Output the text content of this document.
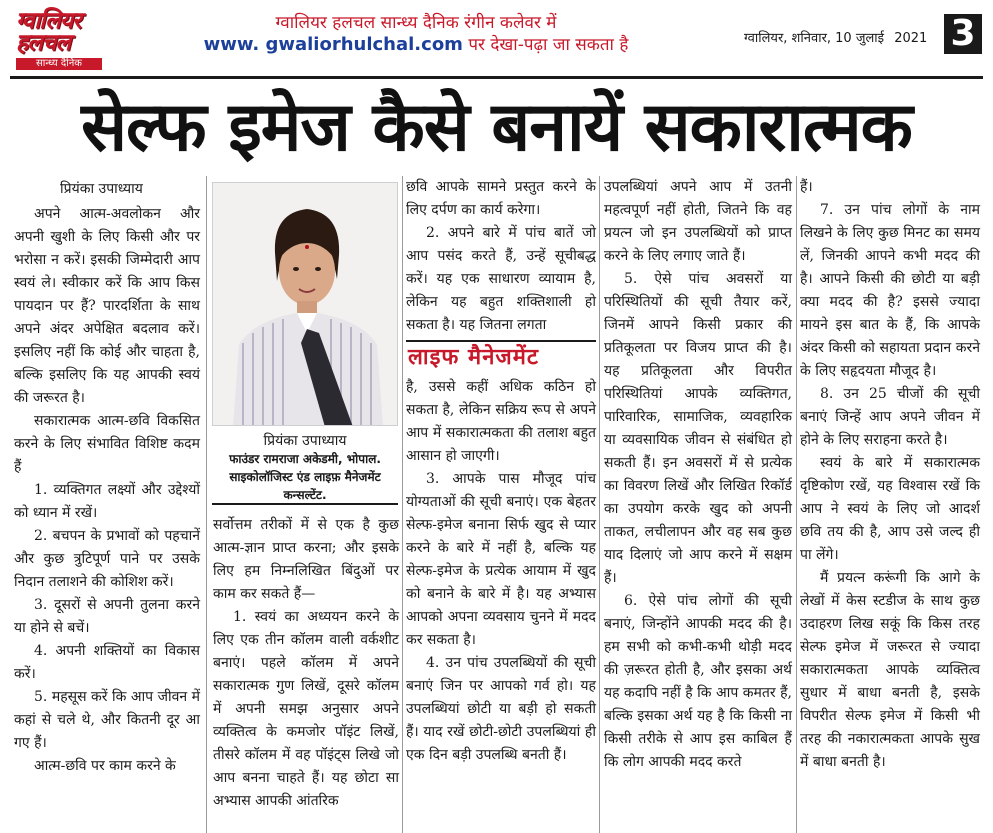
ग्वालियर
हलचल
सान्ध्य दैनिक
ग्वालियर हलचल सान्ध्य दैनिक रंगीन कलेवर में
www. gwaliorhulchal.com पर देखा-पढ़ा जा सकता है	ग्वालियर, शनिवार, 10 जुलाई 2021 3
सेल्फ इमेज कैसे बनायें सकारात्मक
प्रियंका उपाध्याय

अपने आत्म-अवलोकन और अपनी खुशी के लिए किसी और पर भरोसा न करें। इसकी जिम्मेदारी आप स्वयं ले। स्वीकार करें कि आप किस पायदान पर हैं? पारदर्शिता के साथ अपने अंदर अपेक्षित बदलाव करें। इसलिए नहीं कि कोई और चाहता है, बल्कि इसलिए कि यह आपकी स्वयं की जरूरत है।

सकारात्मक आत्म-छवि विकसित करने के लिए संभावित विशिष्ट कदम हैं

1. व्यक्तिगत लक्ष्यों और उद्देश्यों को ध्यान में रखें।

2. बचपन के प्रभावों को पहचानें और कुछ त्रुटिपूर्ण पाने पर उसके निदान तलाशने की कोशिश करें।

3. दूसरों से अपनी तुलना करने या होने से बचें।

4. अपनी शक्तियों का विकास करें।

5. महसूस करें कि आप जीवन में कहां से चले थे, और कितनी दूर आ गए हैं।

आत्म-छवि पर काम करने के

प्रियंका उपाध्याय
फाउंडर रामराजा अकेडमी, भोपाल.
साइकोलॉजिस्ट एंड लाइफ़ मैनेजमेंट
कन्सल्टेंट.

सर्वोत्तम तरीकों में से एक है कुछ आत्म-ज्ञान प्राप्त करना; और इसके लिए हम निम्नलिखित बिंदुओं पर काम कर सकते हैं—

1. स्वयं का अध्ययन करने के लिए एक तीन कॉलम वाली वर्कशीट बनाएं। पहले कॉलम में अपने सकारात्मक गुण लिखें, दूसरे कॉलम में अपनी समझ अनुसार अपने व्यक्तित्व के कमजोर पॉइंट लिखें, तीसरे कॉलम में वह पॉइंट्स लिखे जो आप बनना चाहते हैं। यह छोटा सा अभ्यास आपकी आंतरिक

छवि आपके सामने प्रस्तुत करने के लिए दर्पण का कार्य करेगा।

2. अपने बारे में पांच बातें जो आप पसंद करते हैं, उन्हें सूचीबद्ध करें। यह एक साधारण व्यायाम है, लेकिन यह बहुत शक्तिशाली हो सकता है। यह जितना लगता

लाइफ मैनेजमेंट

है, उससे कहीं अधिक कठिन हो सकता है, लेकिन सक्रिय रूप से अपने आप में सकारात्मकता की तलाश बहुत आसान हो जाएगी।

3. आपके पास मौजूद पांच योग्यताओं की सूची बनाएं। एक बेहतर सेल्फ-इमेज बनाना सिर्फ खुद से प्यार करने के बारे में नहीं है, बल्कि यह सेल्फ-इमेज के प्रत्येक आयाम में खुद को बनाने के बारे में है। यह अभ्यास आपको अपना व्यवसाय चुनने में मदद कर सकता है।

4. उन पांच उपलब्धियों की सूची बनाएं जिन पर आपको गर्व हो। यह उपलब्धियां छोटी या बड़ी हो सकती हैं। याद रखें छोटी-छोटी उपलब्धियां ही एक दिन बड़ी उपलब्धि बनती हैं।

उपलब्धियां अपने आप में उतनी महत्वपूर्ण नहीं होती, जितने कि वह प्रयत्न जो इन उपलब्धियों को प्राप्त करने के लिए लगाए जाते हैं।

5. ऐसे पांच अवसरों या परिस्थितियों की सूची तैयार करें, जिनमें आपने किसी प्रकार की प्रतिकूलता पर विजय प्राप्त की है। यह प्रतिकूलता और विपरीत परिस्थितियां आपके व्यक्तिगत, पारिवारिक, सामाजिक, व्यवहारिक या व्यवसायिक जीवन से संबंधित हो सकती हैं। इन अवसरों में से प्रत्येक का विवरण लिखें और लिखित रिकॉर्ड का उपयोग करके खुद को अपनी ताकत, लचीलापन और वह सब कुछ याद दिलाएं जो आप करने में सक्षम हैं।

6. ऐसे पांच लोगों की सूची बनाएं, जिन्होंने आपकी मदद की है। हम सभी को कभी-कभी थोड़ी मदद की ज़रूरत होती है, और इसका अर्थ यह कदापि नहीं है कि आप कमतर हैं, बल्कि इसका अर्थ यह है कि किसी ना किसी तरीके से आप इस काबिल हैं कि लोग आपकी मदद करते

हैं।

7. उन पांच लोगों के नाम लिखने के लिए कुछ मिनट का समय लें, जिनकी आपने कभी मदद की है। आपने किसी की छोटी या बड़ी क्या मदद की है? इससे ज्यादा मायने इस बात के हैं, कि आपके अंदर किसी को सहायता प्रदान करने के लिए सहृदयता मौजूद है।

8. उन 25 चीजों की सूची बनाएं जिन्हें आप अपने जीवन में होने के लिए सराहना करते है।

स्वयं के बारे में सकारात्मक दृष्टिकोण रखें, यह विश्वास रखें कि आप ने स्वयं के लिए जो आदर्श छवि तय की है, आप उसे जल्द ही पा लेंगे।

मैं प्रयत्न करूंगी कि आगे के लेखों में केस स्टडीज के साथ कुछ उदाहरण लिख सकूं कि किस तरह सेल्फ इमेज में जरूरत से ज्यादा सकारात्मकता आपके व्यक्तित्व सुधार में बाधा बनती है, इसके विपरीत सेल्फ इमेज में किसी भी तरह की नकारात्मकता आपके सुख में बाधा बनती है।
